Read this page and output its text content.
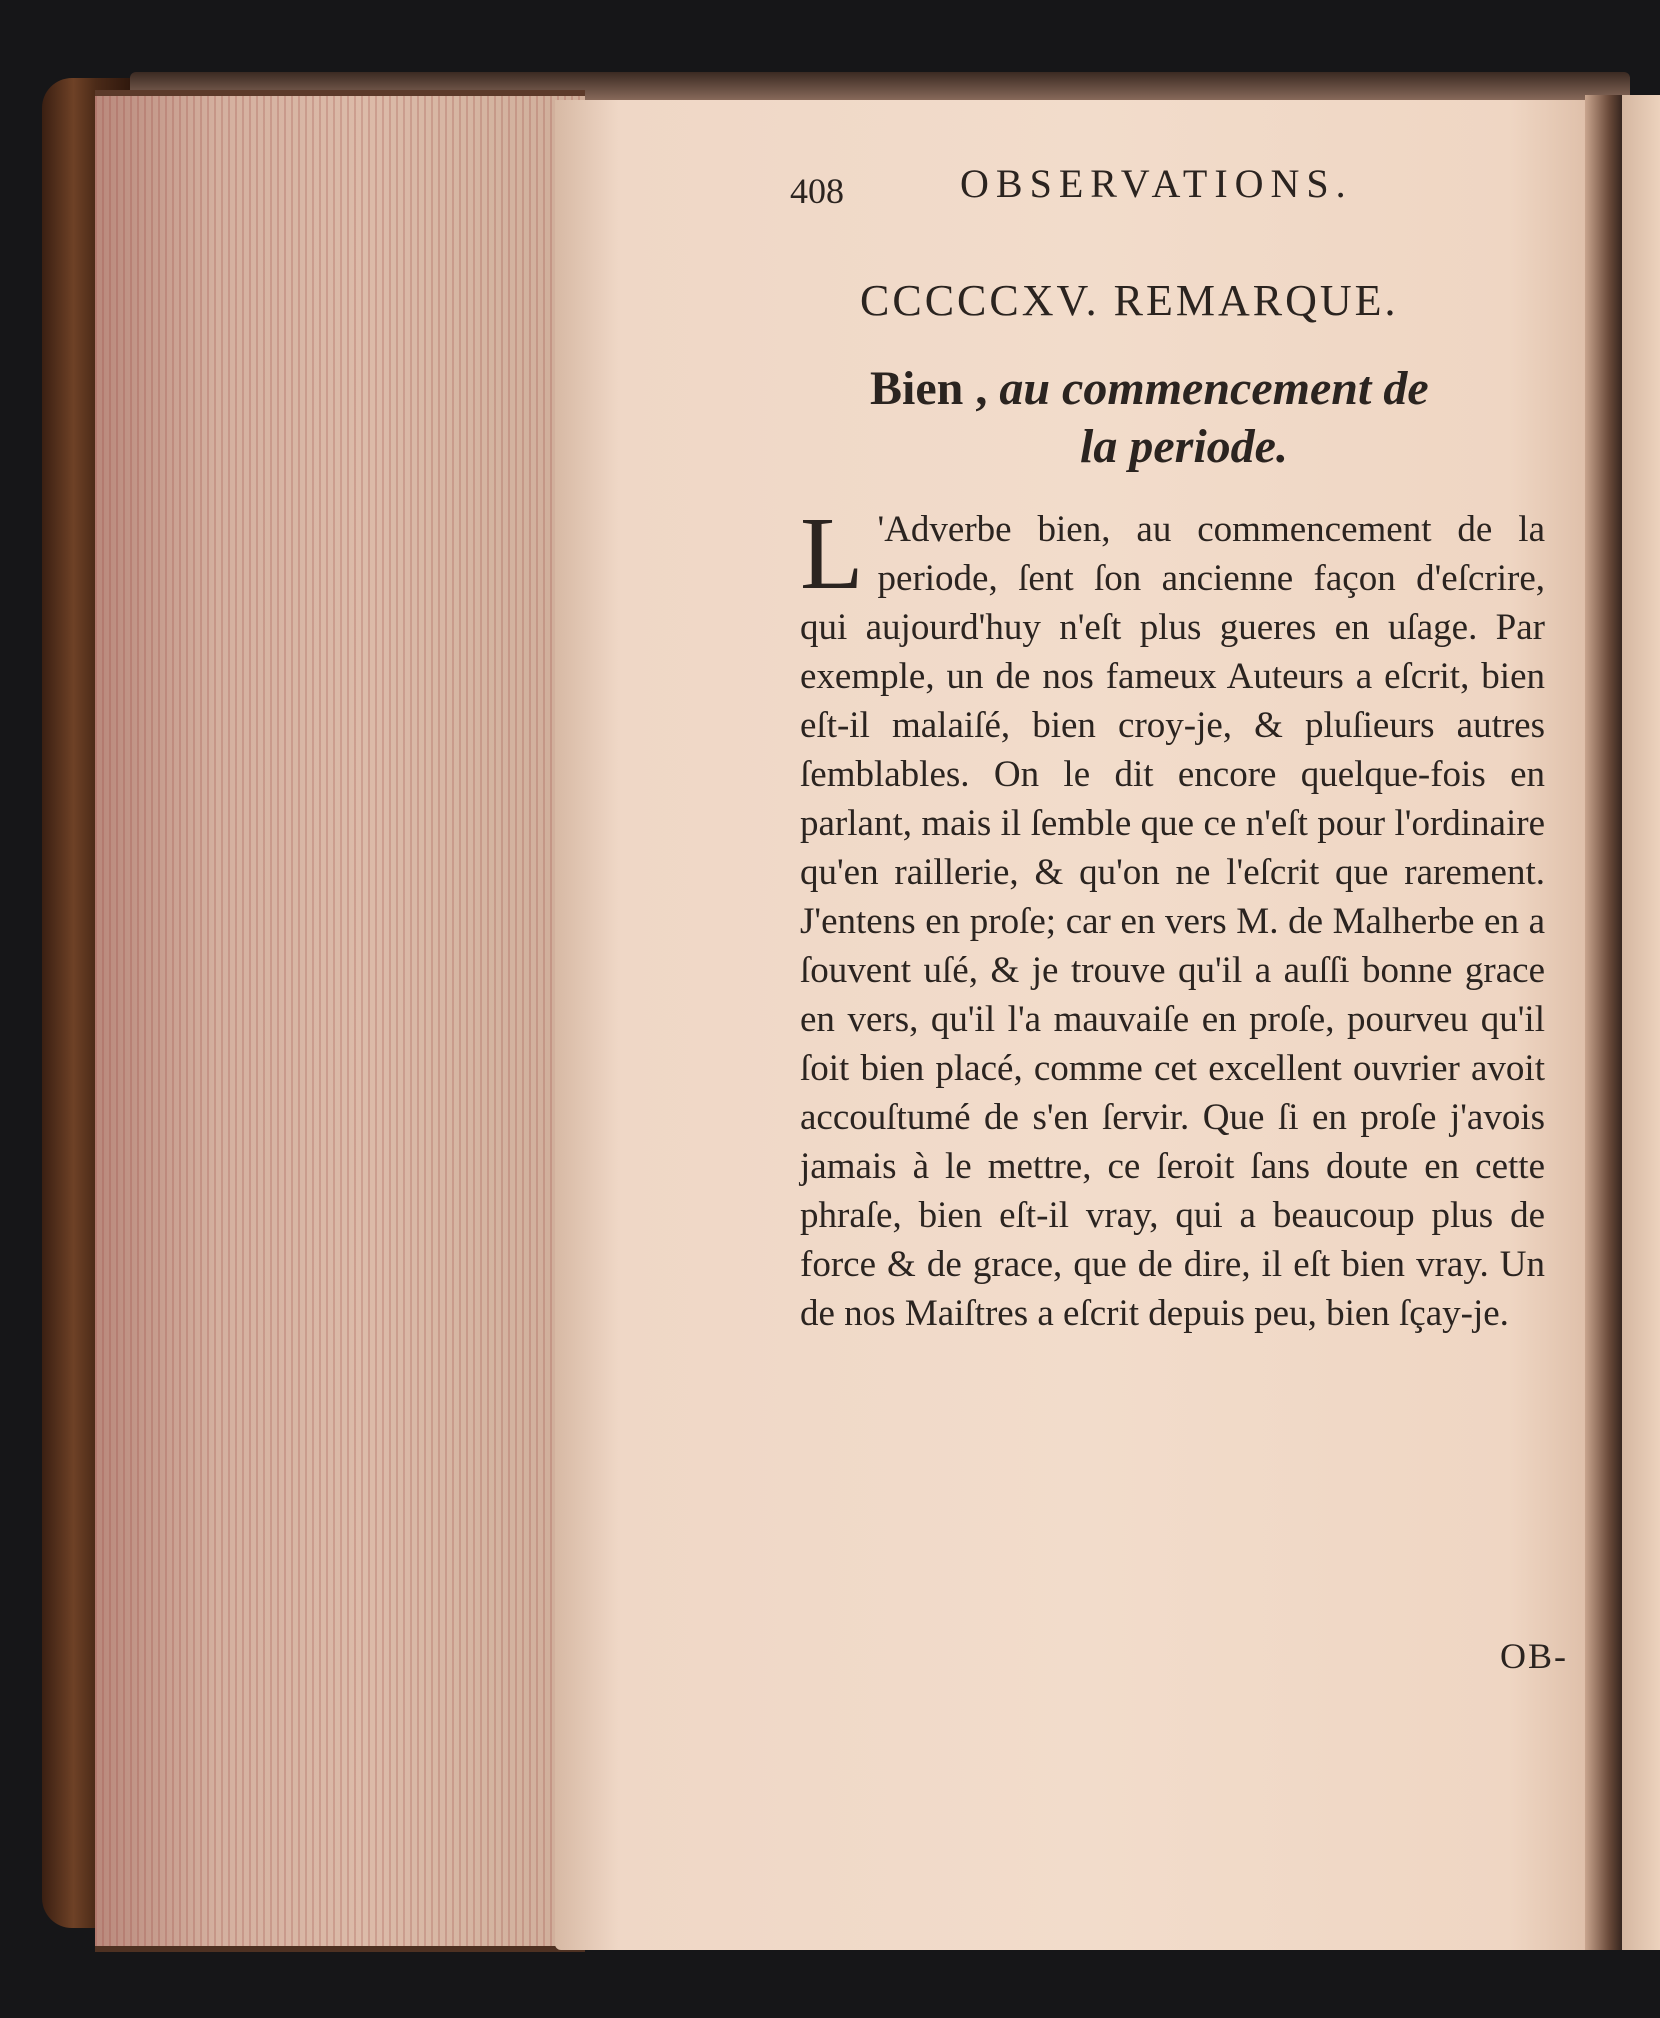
408	OBSERVATIONS.
CCCCCXV. REMARQUE.
Bien , au commencement de
la periode.
L 'Adverbe bien, au commencement de la periode, ſent ſon ancienne façon d'eſcrire, qui aujourd'huy n'eſt plus gueres en uſage. Par exemple, un de nos fameux Auteurs a eſcrit, bien eſt-il malaiſé, bien croy-je, & pluſieurs autres ſemblables. On le dit encore quelque-fois en parlant, mais il ſemble que ce n'eſt pour l'ordinaire qu'en raillerie, & qu'on ne l'eſcrit que rarement. J'entens en proſe; car en vers M. de Malherbe en a ſouvent uſé, & je trouve qu'il a auſſi bonne grace en vers, qu'il l'a mauvaiſe en proſe, pourveu qu'il ſoit bien placé, comme cet excellent ouvrier avoit accouſtumé de s'en ſervir. Que ſi en proſe j'avois jamais à le mettre, ce ſeroit ſans doute en cette phraſe, bien eſt-il vray, qui a beaucoup plus de force & de grace, que de dire, il eſt bien vray. Un de nos Maiſtres a eſcrit depuis peu, bien ſçay-je.
OB-
